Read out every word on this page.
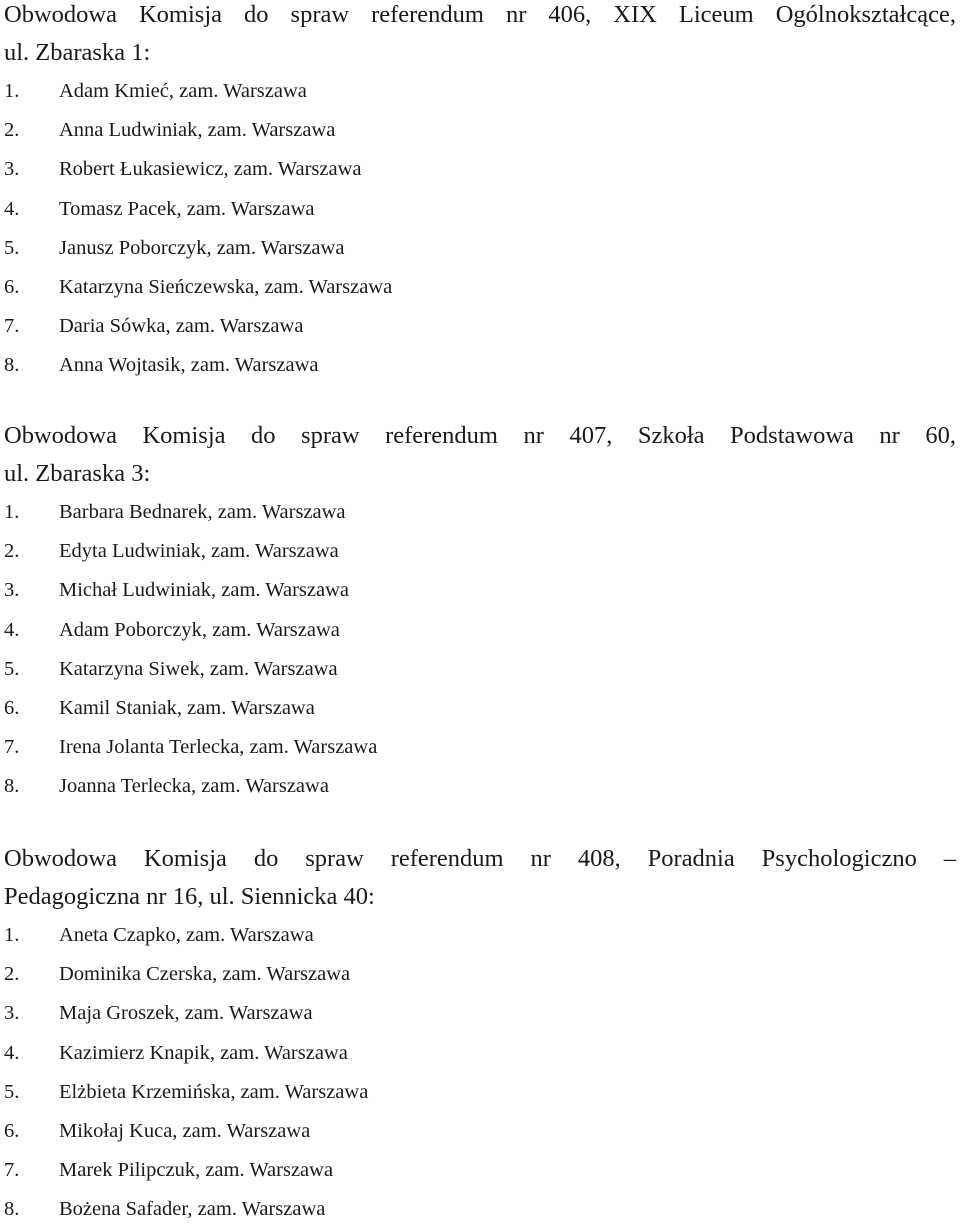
Obwodowa Komisja do spraw referendum nr 406, XIX Liceum Ogólnokształcące,
ul. Zbaraska 1:
1.	Adam Kmieć, zam. Warszawa
2.	Anna Ludwiniak, zam. Warszawa
3.	Robert Łukasiewicz, zam. Warszawa
4.	Tomasz Pacek, zam. Warszawa
5.	Janusz Poborczyk, zam. Warszawa
6.	Katarzyna Sieńczewska, zam. Warszawa
7.	Daria Sówka, zam. Warszawa
8.	Anna Wojtasik, zam. Warszawa
Obwodowa Komisja do spraw referendum nr 407, Szkoła Podstawowa nr 60,
ul. Zbaraska 3:
1.	Barbara Bednarek, zam. Warszawa
2.	Edyta Ludwiniak, zam. Warszawa
3.	Michał Ludwiniak, zam. Warszawa
4.	Adam Poborczyk, zam. Warszawa
5.	Katarzyna Siwek, zam. Warszawa
6.	Kamil Staniak, zam. Warszawa
7.	Irena Jolanta Terlecka, zam. Warszawa
8.	Joanna Terlecka, zam. Warszawa
Obwodowa Komisja do spraw referendum nr 408, Poradnia Psychologiczno –
Pedagogiczna nr 16, ul. Siennicka 40:
1.	Aneta Czapko, zam. Warszawa
2.	Dominika Czerska, zam. Warszawa
3.	Maja Groszek, zam. Warszawa
4.	Kazimierz Knapik, zam. Warszawa
5.	Elżbieta Krzemińska, zam. Warszawa
6.	Mikołaj Kuca, zam. Warszawa
7.	Marek Pilipczuk, zam. Warszawa
8.	Bożena Safader, zam. Warszawa
